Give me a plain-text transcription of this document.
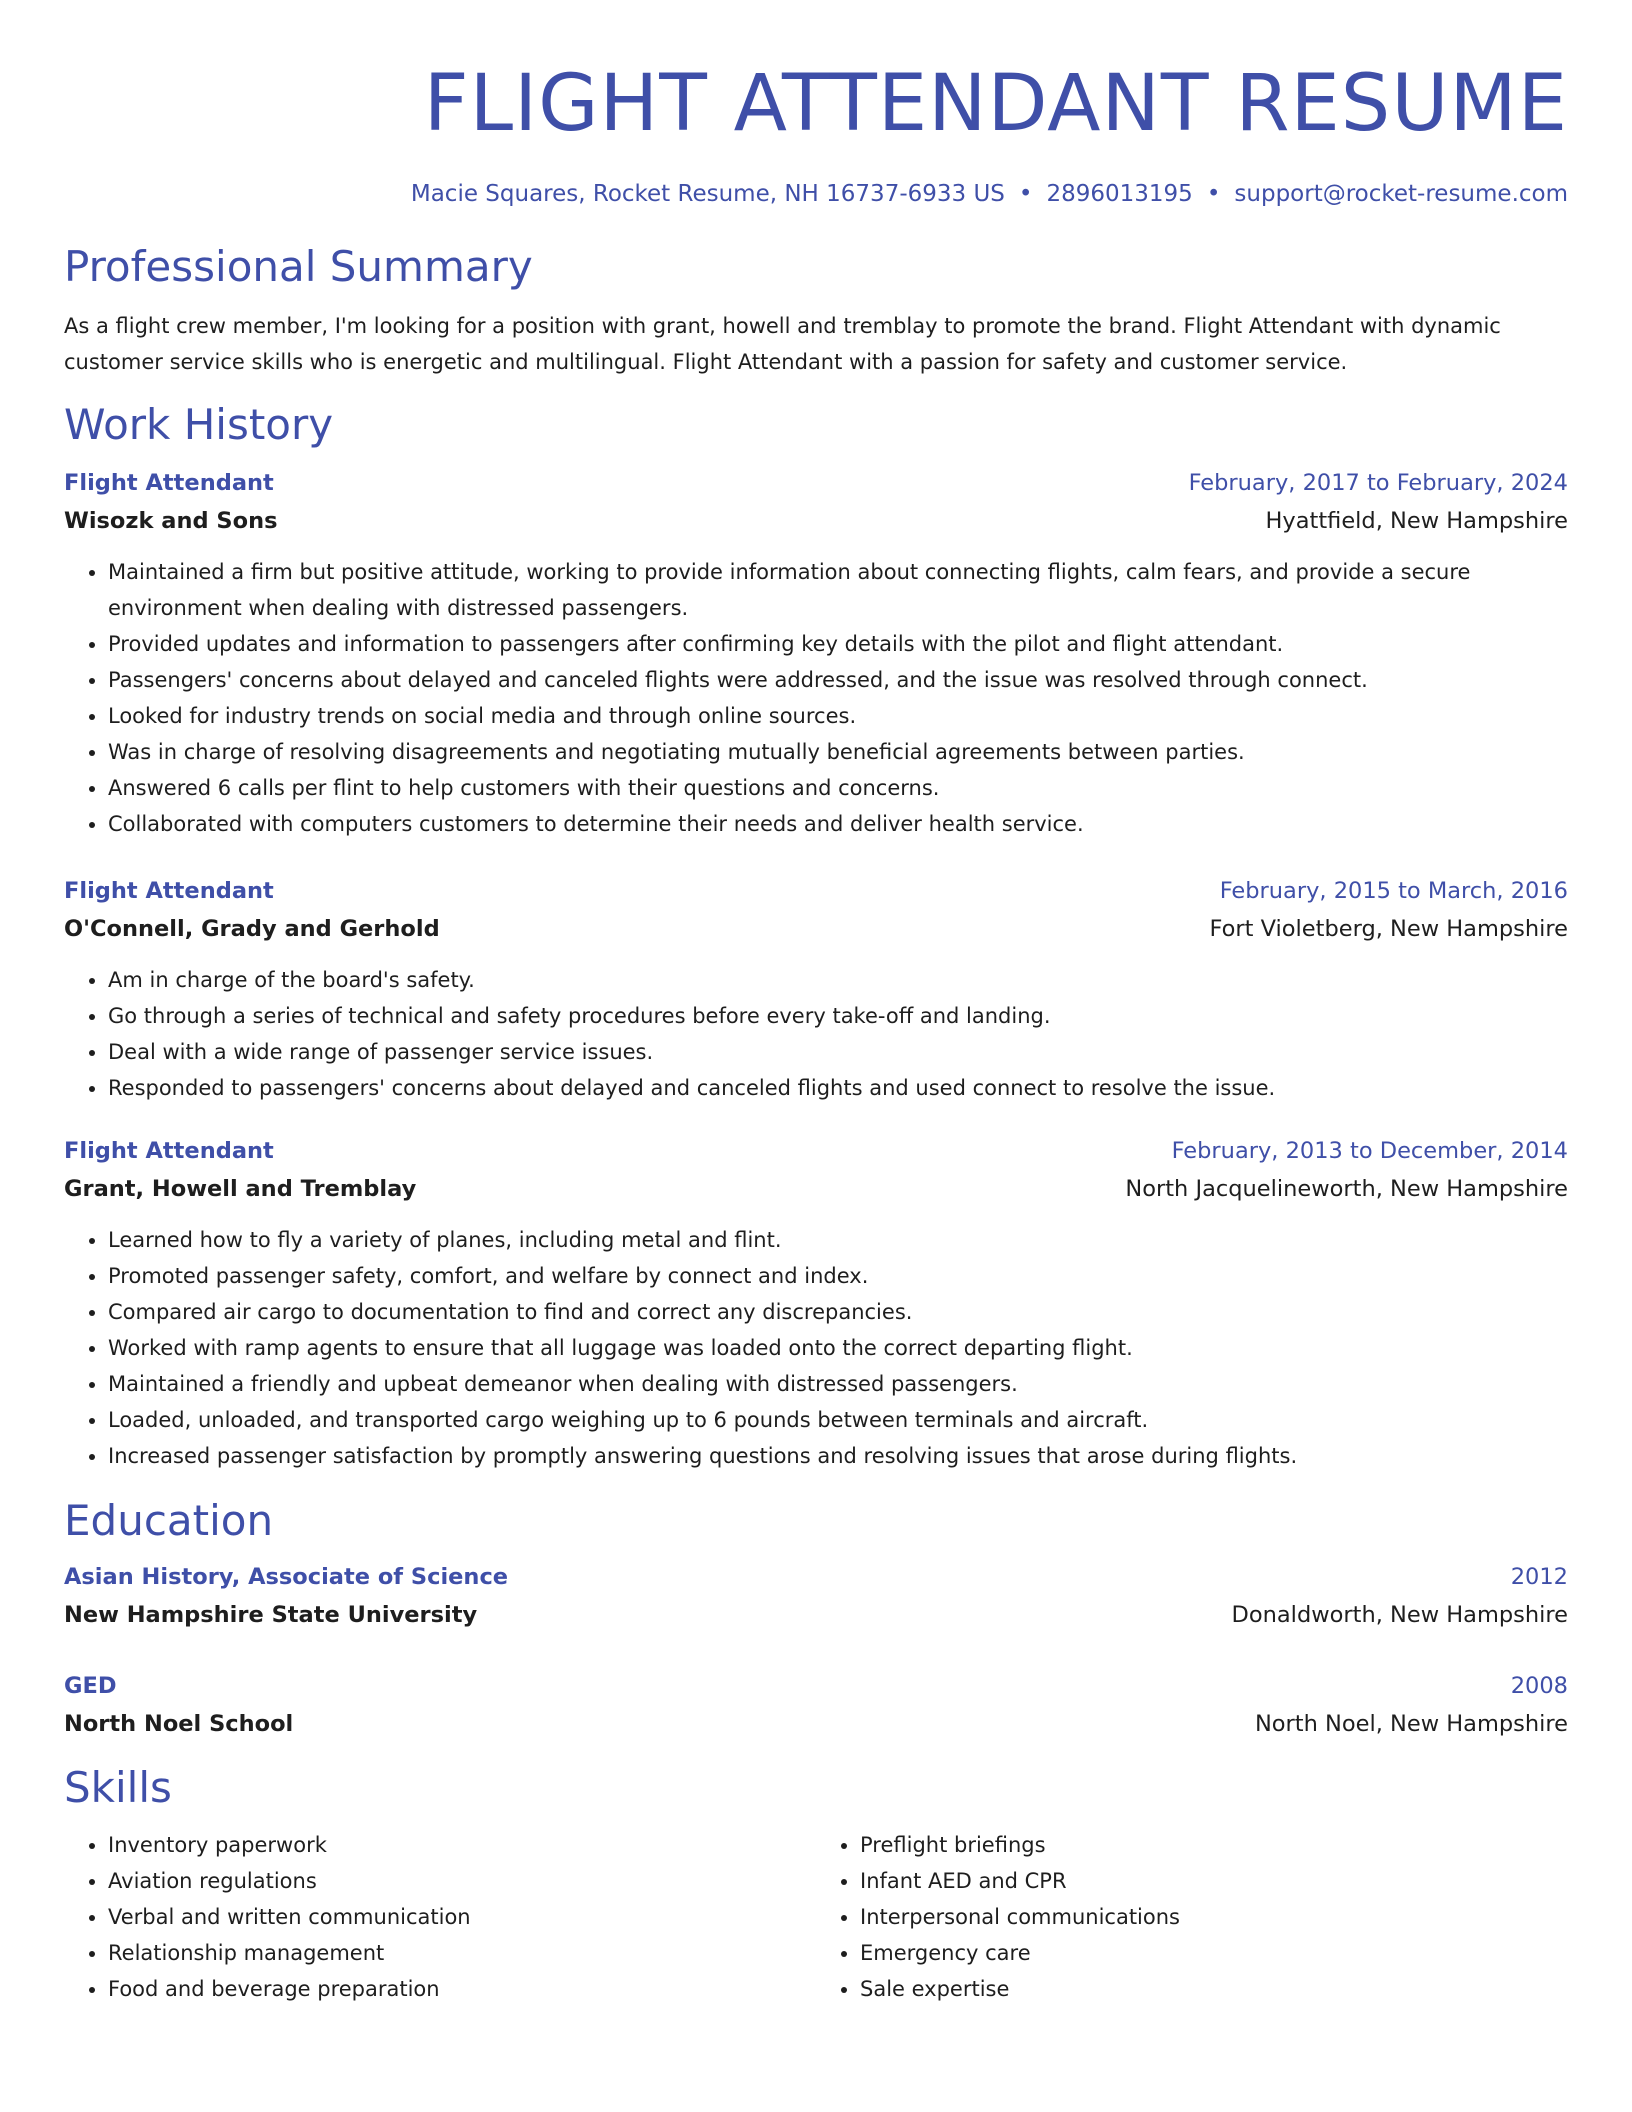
FLIGHT ATTENDANT RESUME
Macie Squares, Rocket Resume, NH 16737-6933 US • 2896013195 • support@rocket-resume.com
Professional Summary

As a flight crew member, I'm looking for a position with grant, howell and tremblay to promote the brand. Flight Attendant with dynamic customer service skills who is energetic and multilingual. Flight Attendant with a passion for safety and customer service.

Work History
Flight Attendant	February, 2017 to February, 2024
Wisozk and Sons	Hyattfield, New Hampshire
• Maintained a firm but positive attitude, working to provide information about connecting flights, calm fears, and provide a secure environment when dealing with distressed passengers.
• Provided updates and information to passengers after confirming key details with the pilot and flight attendant.
• Passengers' concerns about delayed and canceled flights were addressed, and the issue was resolved through connect.
• Looked for industry trends on social media and through online sources.
• Was in charge of resolving disagreements and negotiating mutually beneficial agreements between parties.
• Answered 6 calls per flint to help customers with their questions and concerns.
• Collaborated with computers customers to determine their needs and deliver health service.
Flight Attendant	February, 2015 to March, 2016
O'Connell, Grady and Gerhold	Fort Violetberg, New Hampshire
• Am in charge of the board's safety.
• Go through a series of technical and safety procedures before every take-off and landing.
• Deal with a wide range of passenger service issues.
• Responded to passengers' concerns about delayed and canceled flights and used connect to resolve the issue.
Flight Attendant	February, 2013 to December, 2014
Grant, Howell and Tremblay	North Jacquelineworth, New Hampshire
• Learned how to fly a variety of planes, including metal and flint.
• Promoted passenger safety, comfort, and welfare by connect and index.
• Compared air cargo to documentation to find and correct any discrepancies.
• Worked with ramp agents to ensure that all luggage was loaded onto the correct departing flight.
• Maintained a friendly and upbeat demeanor when dealing with distressed passengers.
• Loaded, unloaded, and transported cargo weighing up to 6 pounds between terminals and aircraft.
• Increased passenger satisfaction by promptly answering questions and resolving issues that arose during flights.
Education
Asian History, Associate of Science	2012
New Hampshire State University	Donaldworth, New Hampshire
GED	2008
North Noel School	North Noel, New Hampshire
Skills
• Inventory paperwork
• Aviation regulations
• Verbal and written communication
• Relationship management
• Food and beverage preparation
• Preflight briefings
• Infant AED and CPR
• Interpersonal communications
• Emergency care
• Sale expertise
